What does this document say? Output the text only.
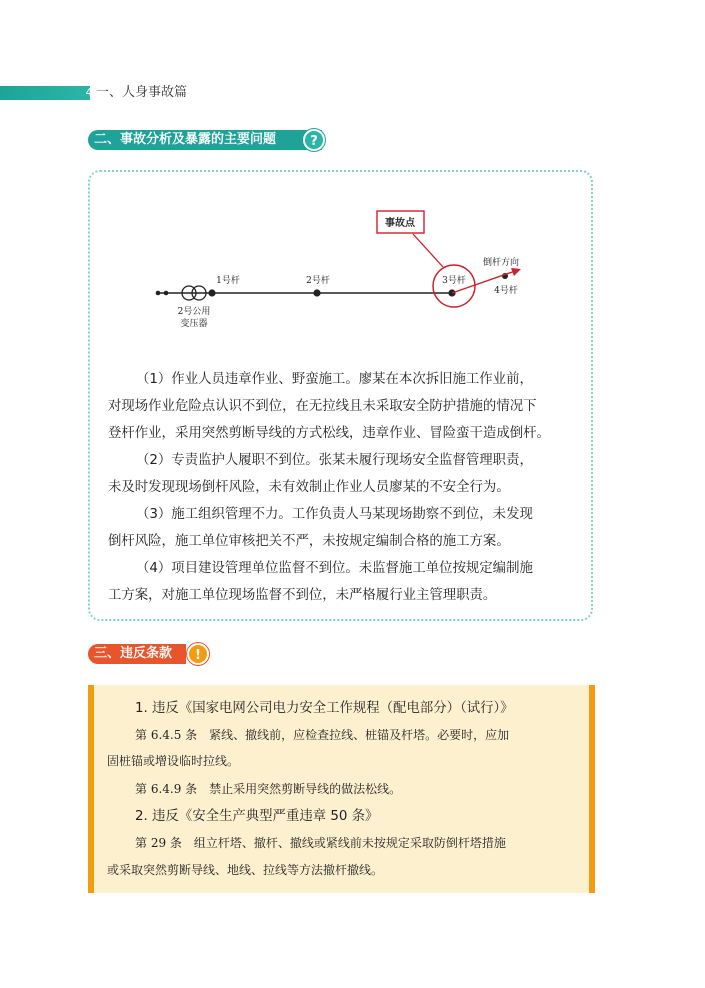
4 一、人身事故篇
二、事故分析及暴露的主要问题	?
2号公用
变压器
1号杆	2号杆	3号杆
4号杆
倒杆方向
事故点
（1）作业人员违章作业、野蛮施工。廖某在本次拆旧施工作业前，
对现场作业危险点认识不到位，在无拉线且未采取安全防护措施的情况下
登杆作业，采用突然剪断导线的方式松线，违章作业、冒险蛮干造成倒杆。
（2）专责监护人履职不到位。张某未履行现场安全监督管理职责，
未及时发现现场倒杆风险，未有效制止作业人员廖某的不安全行为。
（3）施工组织管理不力。工作负责人马某现场勘察不到位，未发现
倒杆风险，施工单位审核把关不严，未按规定编制合格的施工方案。
（4）项目建设管理单位监督不到位。未监督施工单位按规定编制施
工方案，对施工单位现场监督不到位，未严格履行业主管理职责。
三、违反条款	!
1. 违反《国家电网公司电力安全工作规程（配电部分）（试行）》
第 6.4.5 条　紧线、撤线前，应检查拉线、桩锚及杆塔。必要时，应加
固桩锚或增设临时拉线。
第 6.4.9 条　禁止采用突然剪断导线的做法松线。
2. 违反《安全生产典型严重违章 50 条》
第 29 条　组立杆塔、撤杆、撤线或紧线前未按规定采取防倒杆塔措施
或采取突然剪断导线、地线、拉线等方法撤杆撤线。
